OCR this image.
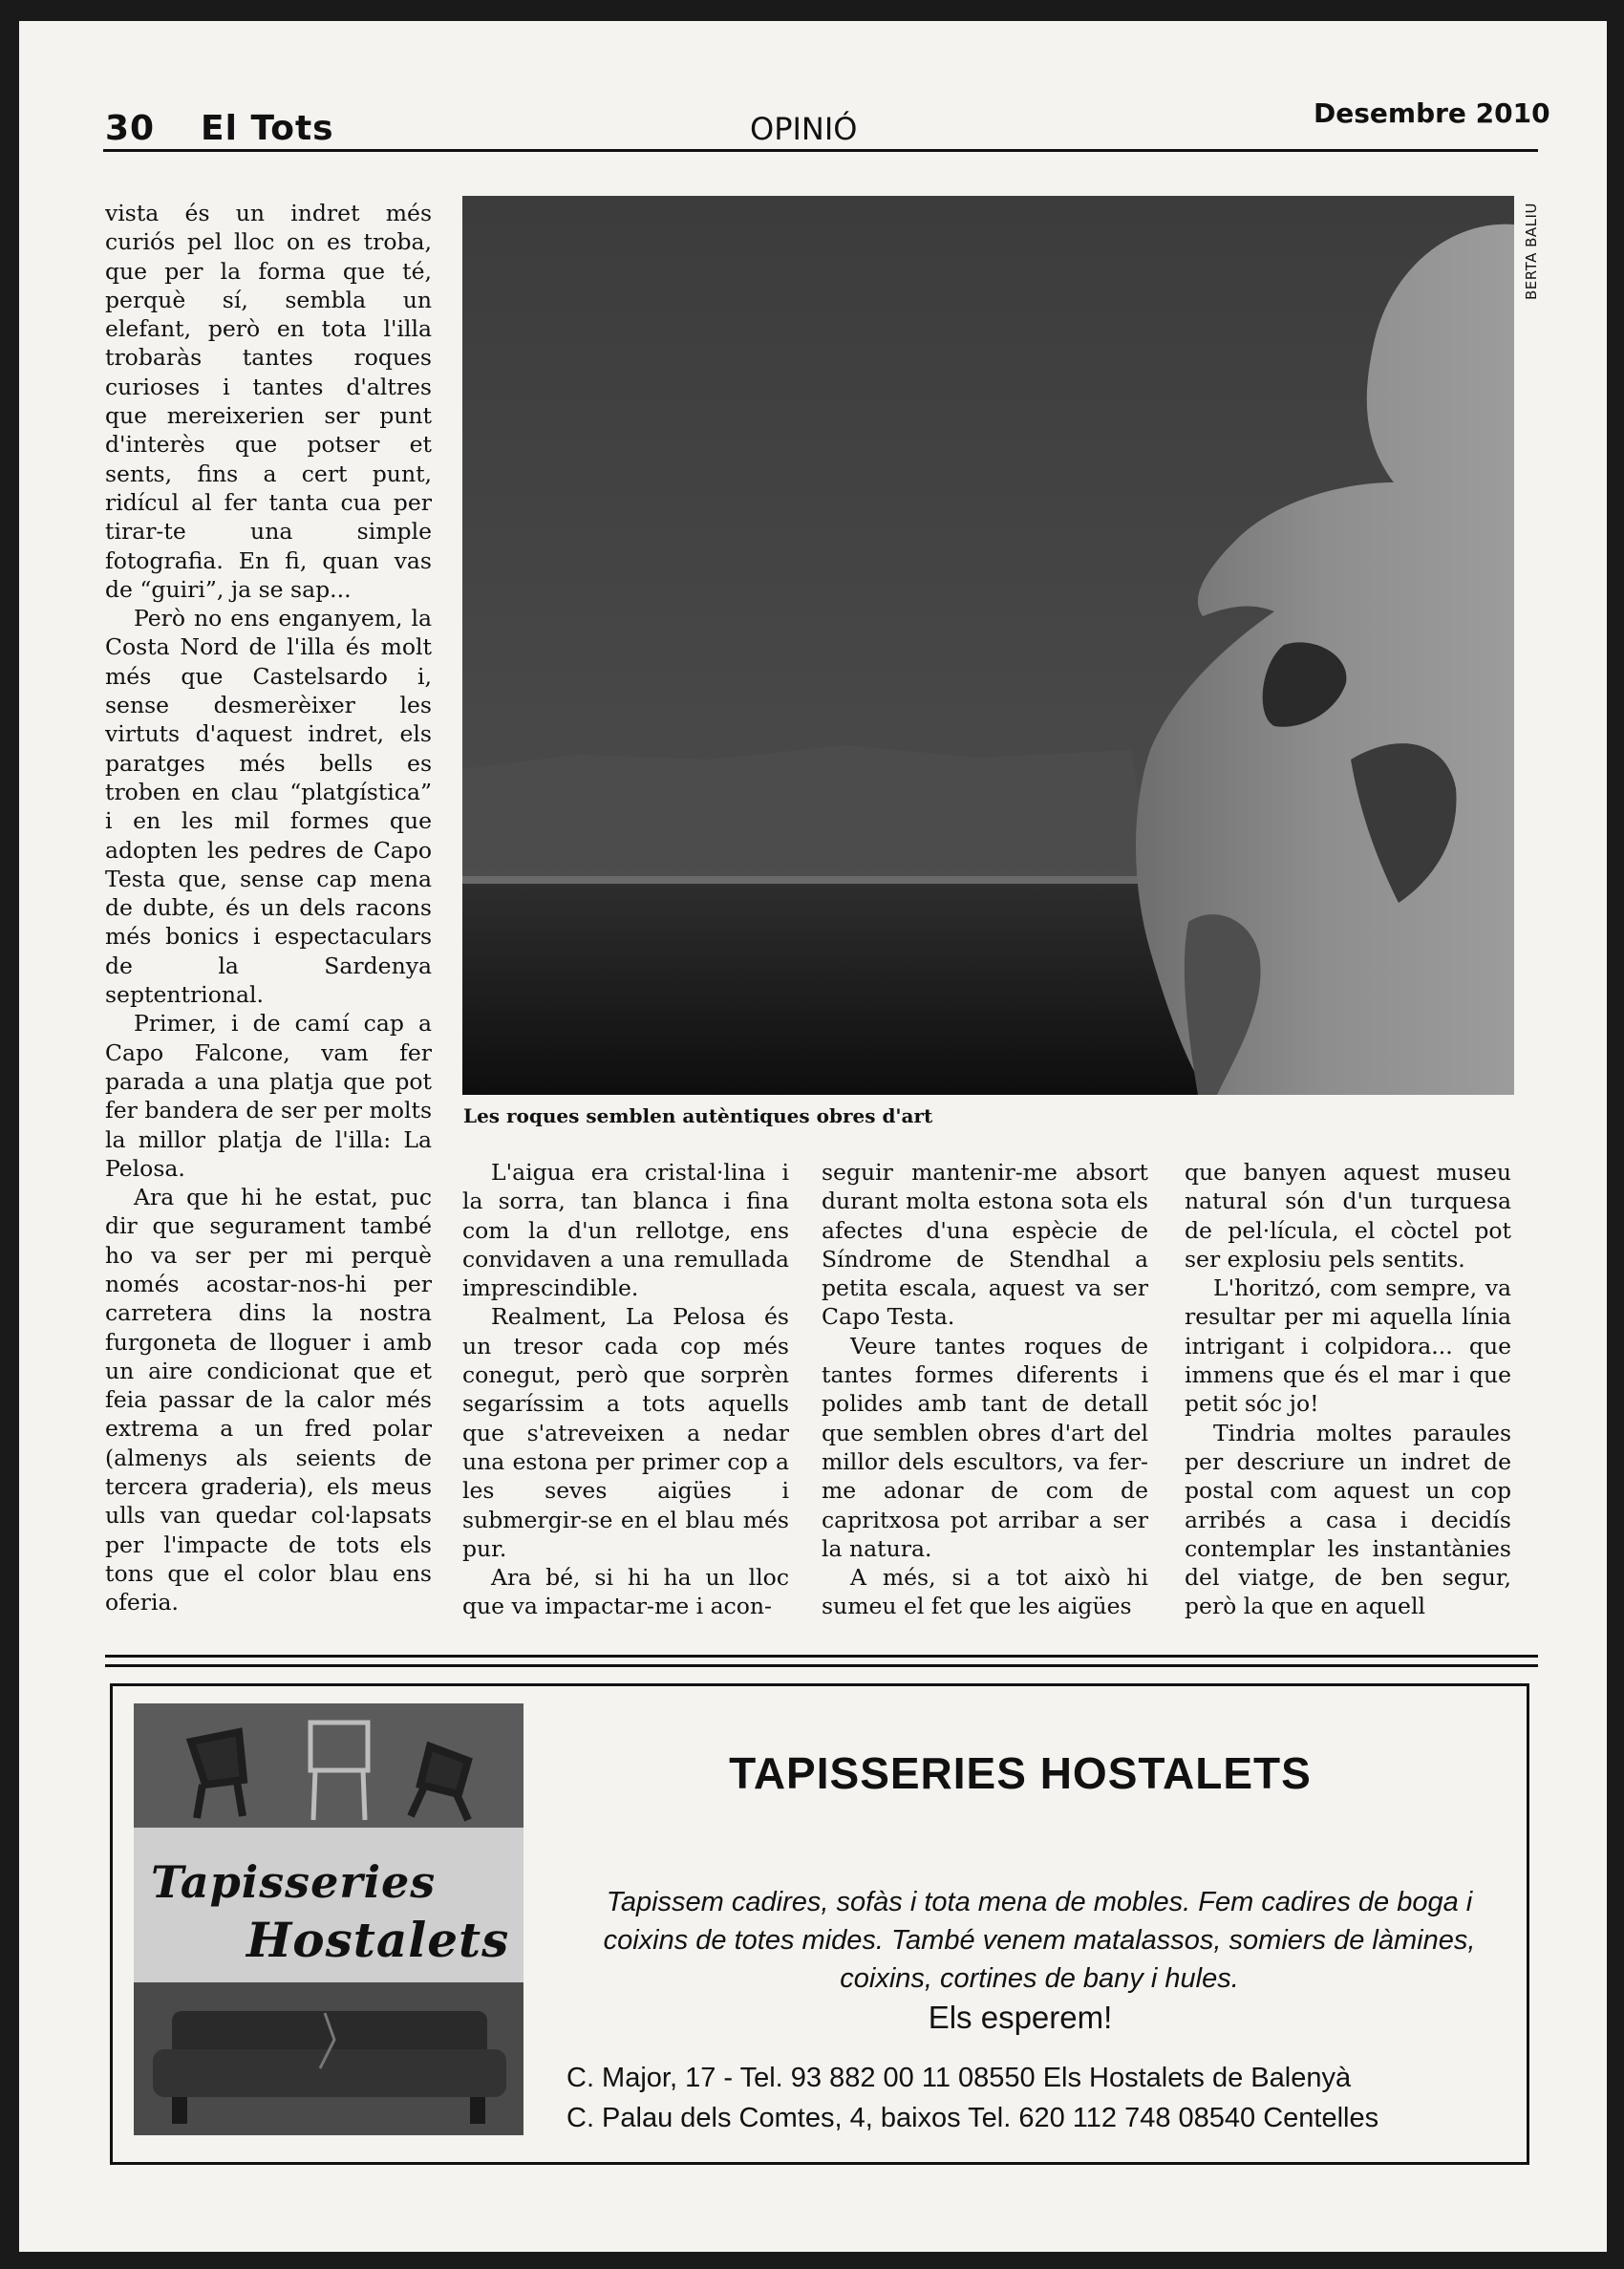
30 El Tots	OPINIÓ	Desembre 2010

vista és un indret més curiós pel lloc on es troba, que per la forma que té, perquè sí, sembla un elefant, però en tota l'illa trobaràs tantes roques curioses i tantes d'altres que mereixerien ser punt d'interès que potser et sents, fins a cert punt, ridícul al fer tanta cua per tirar-te una simple fotografia. En fi, quan vas de “guiri”, ja se sap...

Però no ens enganyem, la Costa Nord de l'illa és molt més que Castelsardo i, sense desmerèixer les virtuts d'aquest indret, els paratges més bells es troben en clau “platgística” i en les mil formes que adopten les pedres de Capo Testa que, sense cap mena de dubte, és un dels racons més bonics i espectaculars de la Sardenya septentrional.

Primer, i de camí cap a Capo Falcone, vam fer parada a una platja que pot fer bandera de ser per molts la millor platja de l'illa: La Pelosa.

Ara que hi he estat, puc dir que segurament també ho va ser per mi perquè només acostar-nos-hi per carretera dins la nostra furgoneta de lloguer i amb un aire condicionat que et feia passar de la calor més extrema a un fred polar (almenys als seients de tercera graderia), els meus ulls van quedar col·lapsats per l'impacte de tots els tons que el color blau ens oferia.

BERTA BALIU
Les roques semblen autèntiques obres d'art

L'aigua era cristal·lina i la sorra, tan blanca i fina com la d'un rellotge, ens convidaven a una remullada imprescindible.

Realment, La Pelosa és un tresor cada cop més conegut, però que sorprèn segaríssim a tots aquells que s'atreveixen a nedar una estona per primer cop a les seves aigües i submergir-se en el blau més pur.

Ara bé, si hi ha un lloc que va impactar-me i acon-

seguir mantenir-me absort durant molta estona sota els afectes d'una espècie de Síndrome de Stendhal a petita escala, aquest va ser Capo Testa.

Veure tantes roques de tantes formes diferents i polides amb tant de detall que semblen obres d'art del millor dels escultors, va fer-me adonar de com de capritxosa pot arribar a ser la natura.

A més, si a tot això hi sumeu el fet que les aigües

que banyen aquest museu natural són d'un turquesa de pel·lícula, el còctel pot ser explosiu pels sentits.

L'horitzó, com sempre, va resultar per mi aquella línia intrigant i colpidora... que immens que és el mar i que petit sóc jo!

Tindria moltes paraules per descriure un indret de postal com aquest un cop arribés a casa i decidís contemplar les instantànies del viatge, de ben segur, però la que en aquell

Tapisseries
Hostalets
TAPISSERIES HOSTALETS
Tapissem cadires, sofàs i tota mena de mobles. Fem cadires de boga i coixins de totes mides. També venem matalassos, somiers de làmines, coixins, cortines de bany i hules.
Els esperem!
C. Major, 17 - Tel. 93 882 00 11 08550 Els Hostalets de Balenyà
C. Palau dels Comtes, 4, baixos Tel. 620 112 748 08540 Centelles
